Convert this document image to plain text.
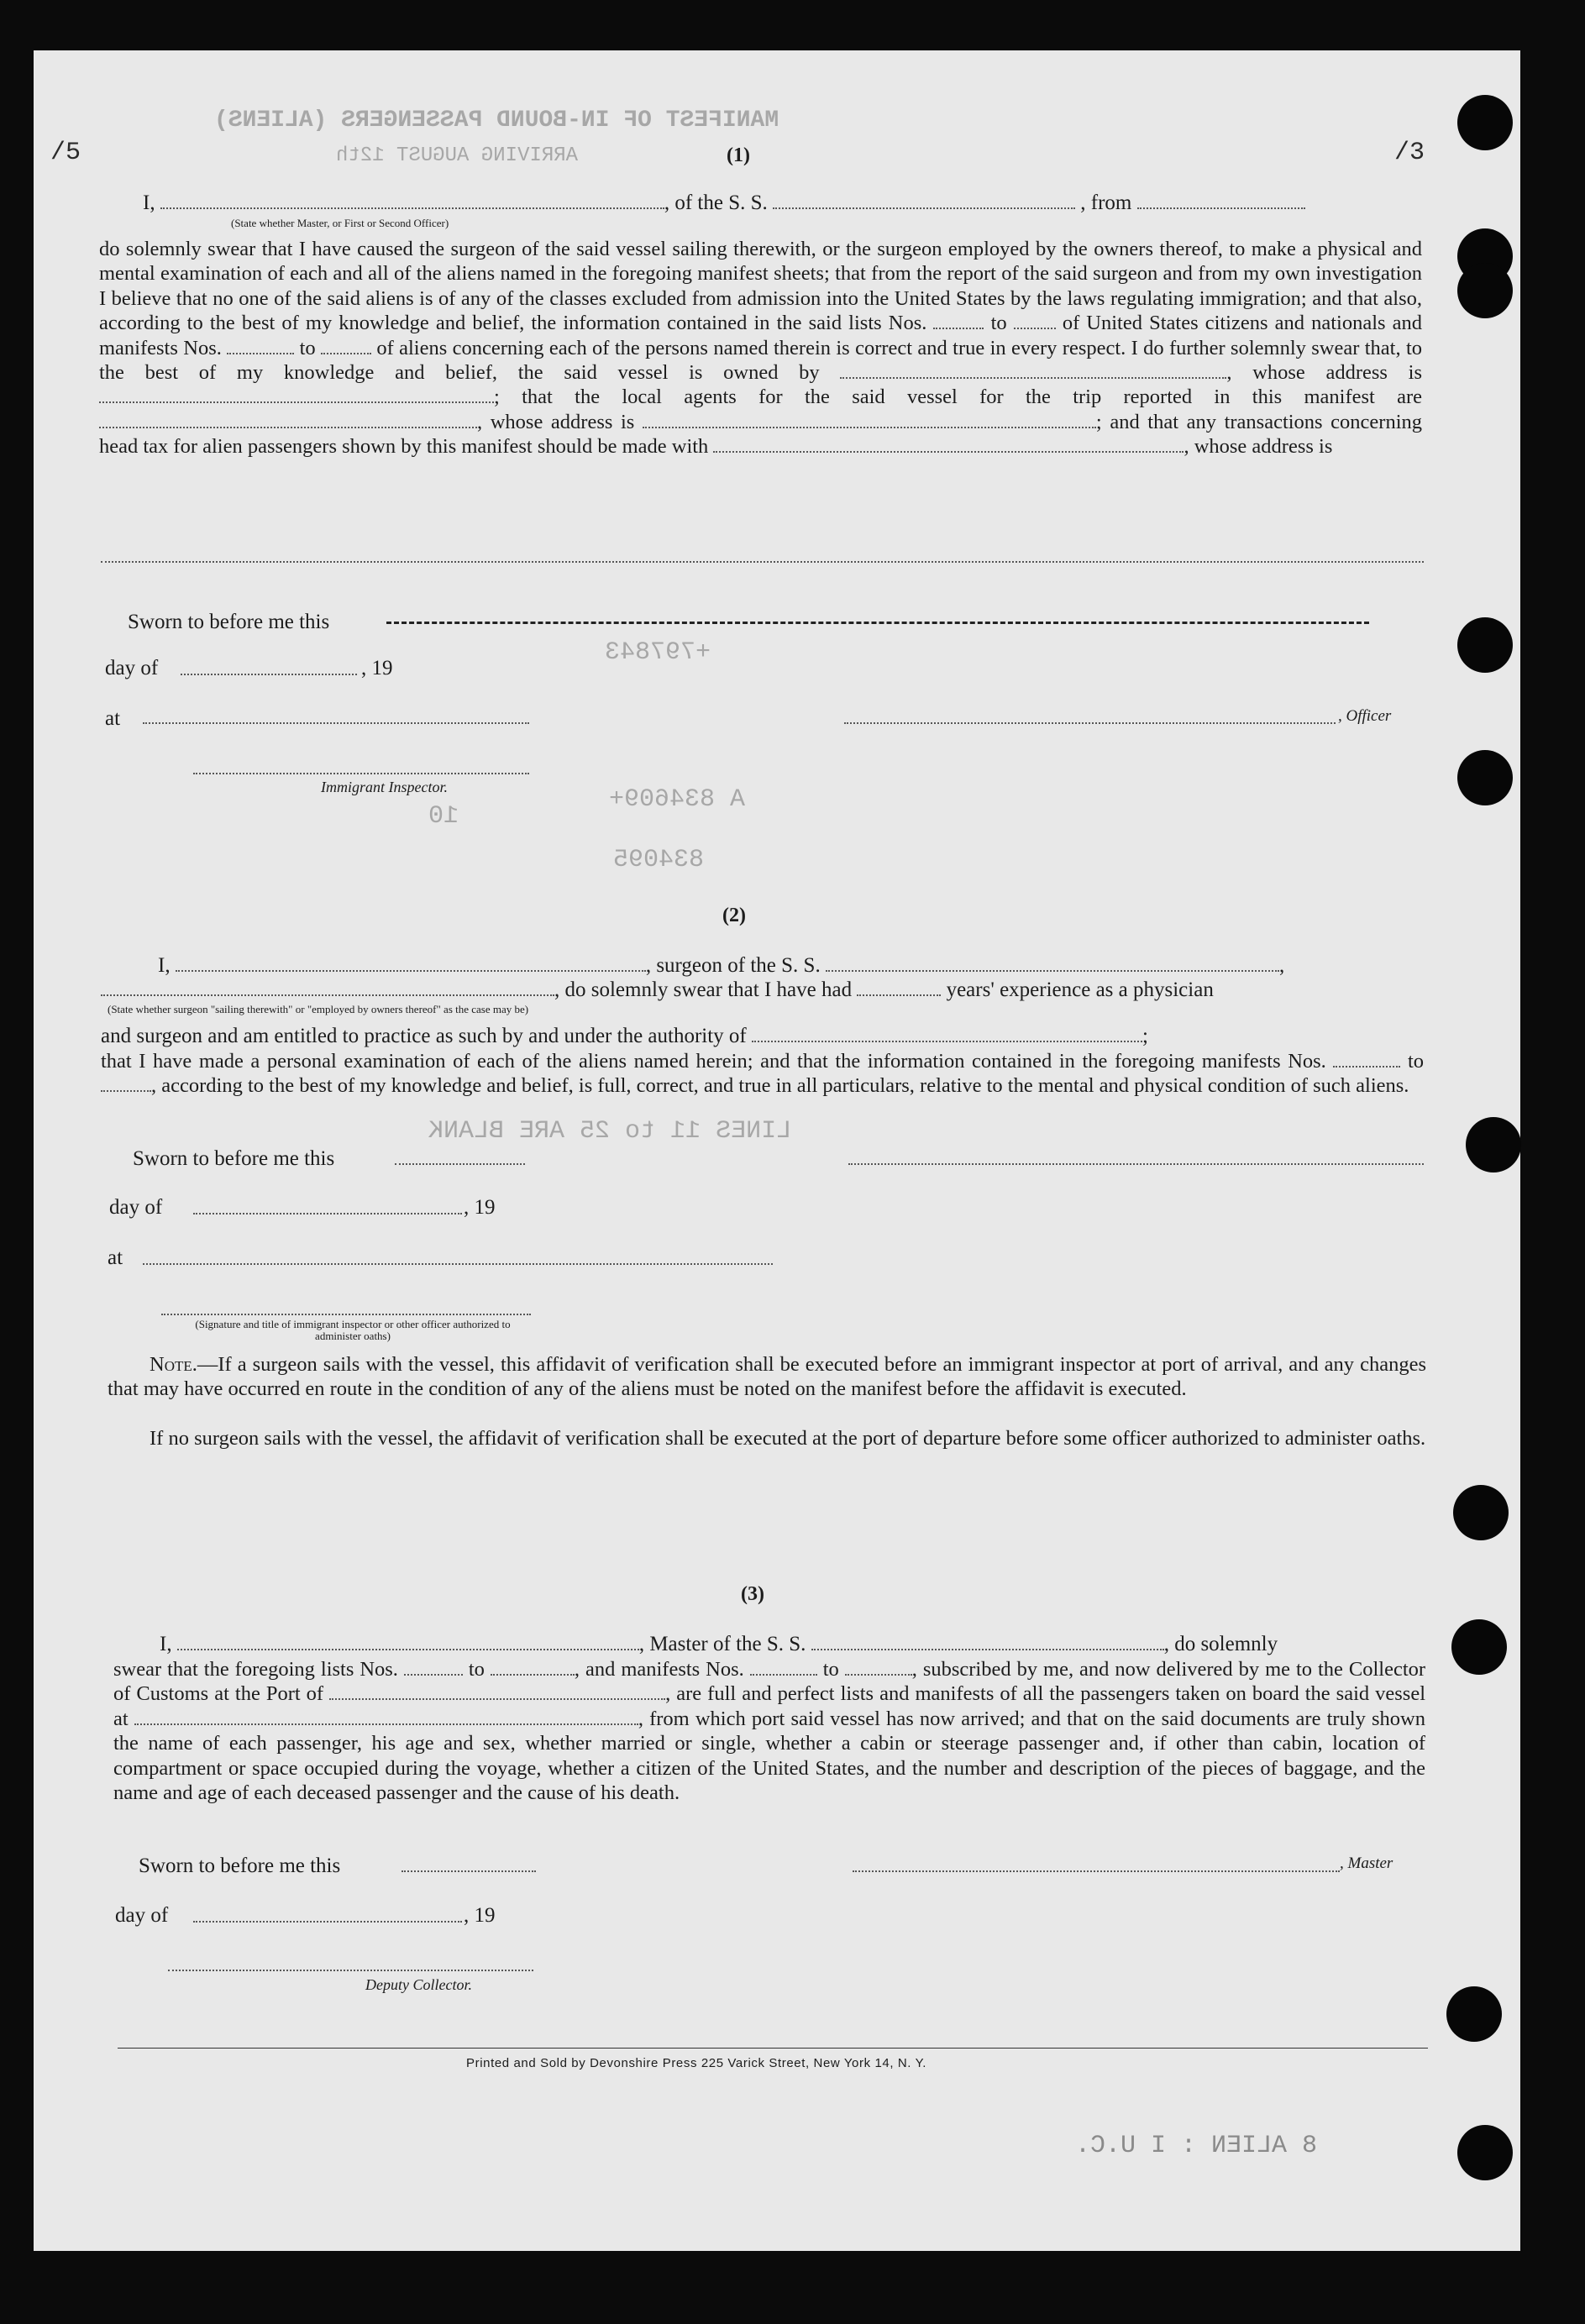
MANIFEST OF IN-BOUND PASSENGERS (ALIENS)
ARRIVING AUGUST 12th
+797843
A 834609+
834095
10
LINES 11 to 25 ARE BLANK
/5	/3
8 ALIEN : I U.C.
(1)
I,	, of the S. S.	, from
(State whether Master, or First or Second Officer)
do solemnly swear that I have caused the surgeon of the said vessel sailing therewith, or the surgeon employed by the owners thereof, to make a physical and mental examination of each and all of the aliens named in the foregoing manifest sheets; that from the report of the said surgeon and from my own investigation I believe that no one of the said aliens is of any of the classes excluded from admission into the United States by the laws regulating immigration; and that also, according to the best of my knowledge and belief, the information contained in the said lists Nos.	to	of United States citizens and nationals and manifests Nos.	to	of aliens concerning each of the persons named therein is correct and true in every respect. I do further solemnly swear that, to the best of my knowledge and belief, the said vessel is owned by	, whose address is ; that the local agents for the said vessel for the trip reported in this manifest are , whose address is	; and that any transactions concerning head tax for alien passengers shown by this manifest should be made with	, whose address is
Sworn to before me this
day of	, 19
at	, Officer
Immigrant Inspector.
(2)
I,	, surgeon of the S. S.	,
, do solemnly swear that I have had	years' experience as a physician
(State whether surgeon "sailing therewith" or "employed by owners thereof" as the case may be)
and surgeon and am entitled to practice as such by and under the authority of	;
that I have made a personal examination of each of the aliens named herein; and that the information contained in the foregoing manifests Nos.	to , according to the best of my knowledge and belief, is full, correct, and true in all particulars, relative to the mental and physical condition of such aliens.
Sworn to before me this
day of	, 19
at
(Signature and title of immigrant inspector or other officer authorized to administer oaths)
Note.—If a surgeon sails with the vessel, this affidavit of verification shall be executed before an immigrant inspector at port of arrival, and any changes that may have occurred en route in the condition of any of the aliens must be noted on the manifest before the affidavit is executed.
If no surgeon sails with the vessel, the affidavit of verification shall be executed at the port of departure before some officer authorized to administer oaths.
(3)
I,	, Master of the S. S.	, do solemnly
swear that the foregoing lists Nos.	to	, and manifests Nos.	to	, subscribed by me, and now delivered by me to the Collector of Customs at the Port of	, are full and perfect lists and manifests of all the passengers taken on board the said vessel at	, from which port said vessel has now arrived; and that on the said documents are truly shown the name of each passenger, his age and sex, whether married or single, whether a cabin or steerage passenger and, if other than cabin, location of compartment or space occupied during the voyage, whether a citizen of the United States, and the number and description of the pieces of baggage, and the name and age of each deceased passenger and the cause of his death.
Sworn to before me this	, Master
day of	, 19
Deputy Collector.
Printed and Sold by Devonshire Press 225 Varick Street, New York 14, N. Y.
